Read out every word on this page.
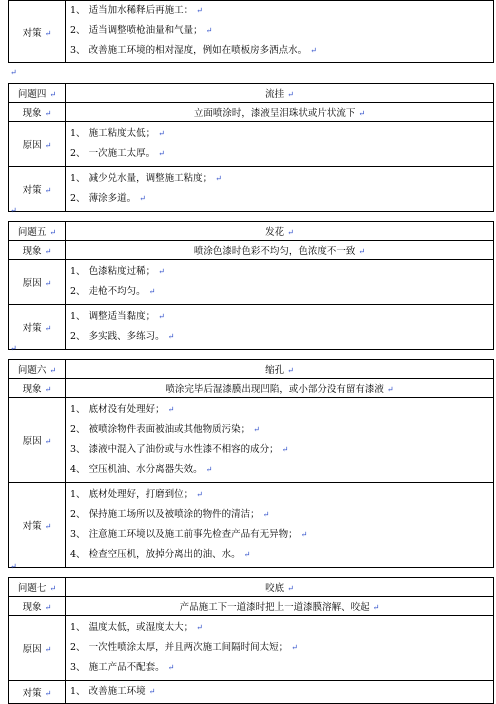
对策 ↵	
1、 适当加水稀释后再施工： ↵
2、 适当调整喷枪油量和气量； ↵
3、 改善施工环境的相对湿度，例如在喷板房多洒点水。 ↵
↵
问题四 ↵	流挂 ↵
现象 ↵	立面喷涂时，漆液呈泪珠状或片状流下 ↵
原因 ↵	1、 施工粘度太低； ↵
2、 一次施工太厚。 ↵

对策 ↵	1、 减少兑水量，调整施工粘度； ↵
2、 薄涂多道。 ↵
↵
问题五 ↵	发花 ↵
现象 ↵	喷涂色漆时色彩不均匀，色浓度不一致 ↵
原因 ↵	1、 色漆粘度过稀； ↵
2、 走枪不均匀。 ↵

对策 ↵	1、 调整适当黏度； ↵
2、 多实践、多练习。 ↵
↵
问题六 ↵	缩孔 ↵
现象 ↵	喷涂完毕后湿漆膜出现凹陷，或小部分没有留有漆液 ↵
原因 ↵	1、 底材没有处理好； ↵
2、 被喷涂物件表面被油或其他物质污染； ↵
3、 漆液中混入了油份或与水性漆不相容的成分； ↵
4、 空压机油、水分离器失效。 ↵

对策 ↵	1、 底材处理好，打磨到位； ↵
2、 保持施工场所以及被喷涂的物件的清洁； ↵
3、 注意施工环境以及施工前事先检查产品有无异物； ↵
4、 检查空压机，放掉分离出的油、水。 ↵
↵
问题七 ↵	咬底 ↵
现象 ↵	产品施工下一道漆时把上一道漆膜溶解、咬起 ↵
原因 ↵	1、 温度太低，或湿度太大； ↵
2、 一次性喷涂太厚，并且两次施工间隔时间太短； ↵
3、 施工产品不配套。 ↵

对策 ↵	1、 改善施工环境 ↵
